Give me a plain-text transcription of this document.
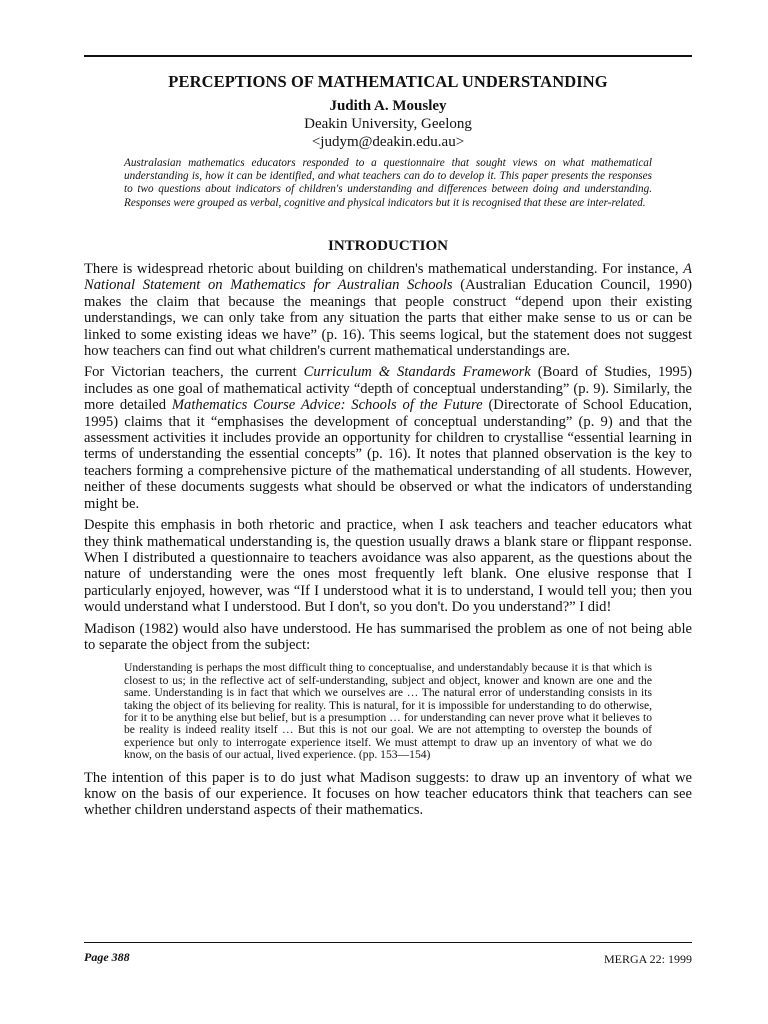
PERCEPTIONS OF MATHEMATICAL UNDERSTANDING
Judith A. Mousley
Deakin University, Geelong
<judym@deakin.edu.au>

Australasian mathematics educators responded to a questionnaire that sought views on what mathematical understanding is, how it can be identified, and what teachers can do to develop it. This paper presents the responses to two questions about indicators of children's understanding and differences between doing and understanding. Responses were grouped as verbal, cognitive and physical indicators but it is recognised that these are inter-related.

INTRODUCTION

There is widespread rhetoric about building on children's mathematical understanding. For instance, A National Statement on Mathematics for Australian Schools (Australian Education Council, 1990) makes the claim that because the meanings that people construct “depend upon their existing understandings, we can only take from any situation the parts that either make sense to us or can be linked to some existing ideas we have” (p. 16). This seems logical, but the statement does not suggest how teachers can find out what children's current mathematical understandings are.

For Victorian teachers, the current Curriculum & Standards Framework (Board of Studies, 1995) includes as one goal of mathematical activity “depth of conceptual understanding” (p. 9). Similarly, the more detailed Mathematics Course Advice: Schools of the Future (Directorate of School Education, 1995) claims that it “emphasises the development of conceptual understanding” (p. 9) and that the assessment activities it includes provide an opportunity for children to crystallise “essential learning in terms of understanding the essential concepts” (p. 16). It notes that planned observation is the key to teachers forming a comprehensive picture of the mathematical understanding of all students. However, neither of these documents suggests what should be observed or what the indicators of understanding might be.

Despite this emphasis in both rhetoric and practice, when I ask teachers and teacher educators what they think mathematical understanding is, the question usually draws a blank stare or flippant response. When I distributed a questionnaire to teachers avoidance was also apparent, as the questions about the nature of understanding were the ones most frequently left blank. One elusive response that I particularly enjoyed, however, was “If I understood what it is to understand, I would tell you; then you would understand what I understood. But I don't, so you don't. Do you understand?” I did!

Madison (1982) would also have understood. He has summarised the problem as one of not being able to separate the object from the subject:

Understanding is perhaps the most difficult thing to conceptualise, and understandably because it is that which is closest to us; in the reflective act of self-understanding, subject and object, knower and known are one and the same. Understanding is in fact that which we ourselves are … The natural error of understanding consists in its taking the object of its believing for reality. This is natural, for it is impossible for understanding to do otherwise, for it to be anything else but belief, but is a presumption … for understanding can never prove what it believes to be reality is indeed reality itself … But this is not our goal. We are not attempting to overstep the bounds of experience but only to interrogate experience itself. We must attempt to draw up an inventory of what we do know, on the basis of our actual, lived experience. (pp. 153—154)

The intention of this paper is to do just what Madison suggests: to draw up an inventory of what we know on the basis of our experience. It focuses on how teacher educators think that teachers can see whether children understand aspects of their mathematics.

Page 388	MERGA 22: 1999
